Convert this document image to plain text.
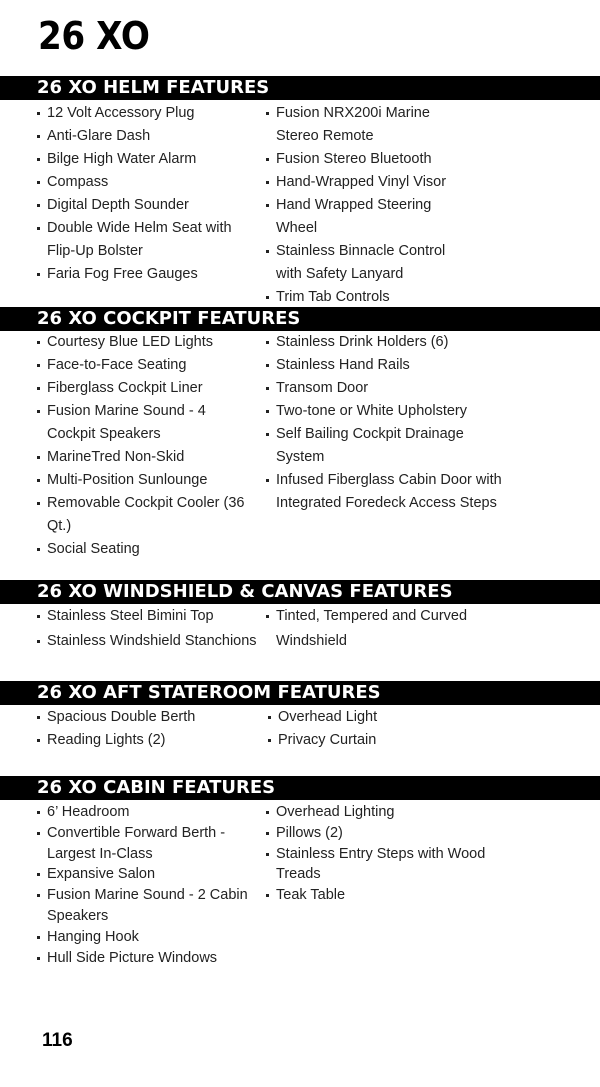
26 XO
26 XO HELM FEATURES
12 Volt Accessory Plug
Anti-Glare Dash
Bilge High Water Alarm
Compass
Digital Depth Sounder
Double Wide Helm Seat with Flip-Up Bolster
Faria Fog Free Gauges
Fusion NRX200i Marine Stereo Remote
Fusion Stereo Bluetooth
Hand-Wrapped Vinyl Visor
Hand Wrapped Steering Wheel
Stainless Binnacle Control with Safety Lanyard
Trim Tab Controls
26 XO COCKPIT FEATURES
Courtesy Blue LED Lights
Face-to-Face Seating
Fiberglass Cockpit Liner
Fusion Marine Sound - 4 Cockpit Speakers
MarineTred Non-Skid
Multi-Position Sunlounge
Removable Cockpit Cooler (36 Qt.)
Social Seating
Stainless Drink Holders (6)
Stainless Hand Rails
Transom Door
Two-tone or White Upholstery
Self Bailing Cockpit Drainage System
Infused Fiberglass Cabin Door with Integrated Foredeck Access Steps
26 XO WINDSHIELD & CANVAS FEATURES
Stainless Steel Bimini Top
Stainless Windshield Stanchions
Tinted, Tempered and Curved Windshield
26 XO AFT STATEROOM FEATURES
Spacious Double Berth
Reading Lights (2)
Overhead Light
Privacy Curtain
26 XO CABIN FEATURES
6’ Headroom
Convertible Forward Berth - Largest In-Class
Expansive Salon
Fusion Marine Sound - 2 Cabin Speakers
Hanging Hook
Hull Side Picture Windows
Overhead Lighting
Pillows (2)
Stainless Entry Steps with Wood Treads
Teak Table
116
